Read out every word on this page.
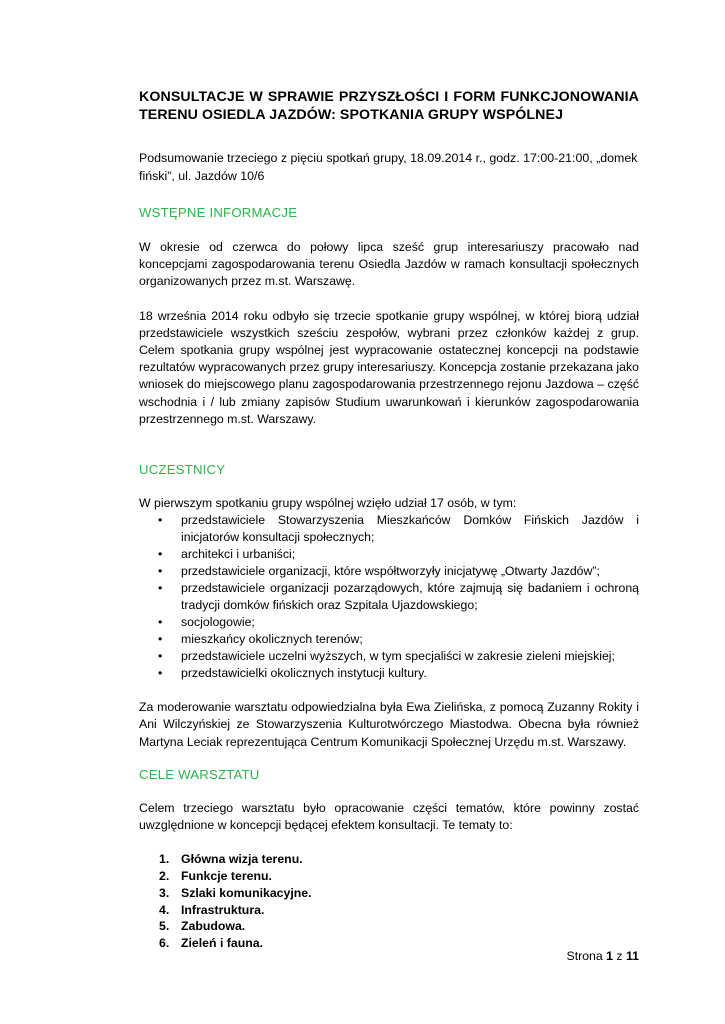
KONSULTACJE W SPRAWIE PRZYSZŁOŚCI I FORM FUNKCJONOWANIA TERENU OSIEDLA JAZDÓW: SPOTKANIA GRUPY WSPÓLNEJ

Podsumowanie trzeciego z pięciu spotkań grupy, 18.09.2014 r., godz. 17:00-21:00, „domek fiński”, ul. Jazdów 10/6

WSTĘPNE INFORMACJE

W okresie od czerwca do połowy lipca sześć grup interesariuszy pracowało nad koncepcjami zagospodarowania terenu Osiedla Jazdów w ramach konsultacji społecznych organizowanych przez m.st. Warszawę.

18 września 2014 roku odbyło się trzecie spotkanie grupy wspólnej, w której biorą udział przedstawiciele wszystkich sześciu zespołów, wybrani przez członków każdej z grup. Celem spotkania grupy wspólnej jest wypracowanie ostatecznej koncepcji na podstawie rezultatów wypracowanych przez grupy interesariuszy. Koncepcja zostanie przekazana jako wniosek do miejscowego planu zagospodarowania przestrzennego rejonu Jazdowa – część wschodnia i / lub zmiany zapisów Studium uwarunkowań i kierunków zagospodarowania przestrzennego m.st. Warszawy.

UCZESTNICY

W pierwszym spotkaniu grupy wspólnej wzięło udział 17 osób, w tym:

• przedstawiciele Stowarzyszenia Mieszkańców Domków Fińskich Jazdów i inicjatorów konsultacji społecznych;
• architekci i urbaniści;
• przedstawiciele organizacji, które współtworzyły inicjatywę „Otwarty Jazdów”;
• przedstawiciele organizacji pozarządowych, które zajmują się badaniem i ochroną tradycji domków fińskich oraz Szpitala Ujazdowskiego;
• socjologowie;
• mieszkańcy okolicznych terenów;
• przedstawiciele uczelni wyższych, w tym specjaliści w zakresie zieleni miejskiej;
• przedstawicielki okolicznych instytucji kultury.

Za moderowanie warsztatu odpowiedzialna była Ewa Zielińska, z pomocą Zuzanny Rokity i Ani Wilczyńskiej ze Stowarzyszenia Kulturotwórczego Miastodwa. Obecna była również Martyna Leciak reprezentująca Centrum Komunikacji Społecznej Urzędu m.st. Warszawy.

CELE WARSZTATU

Celem trzeciego warsztatu było opracowanie części tematów, które powinny zostać uwzględnione w koncepcji będącej efektem konsultacji. Te tematy to:

1. Główna wizja terenu.
2. Funkcje terenu.
3. Szlaki komunikacyjne.
4. Infrastruktura.
5. Zabudowa.
6. Zieleń i fauna.
Strona 1 z 11
